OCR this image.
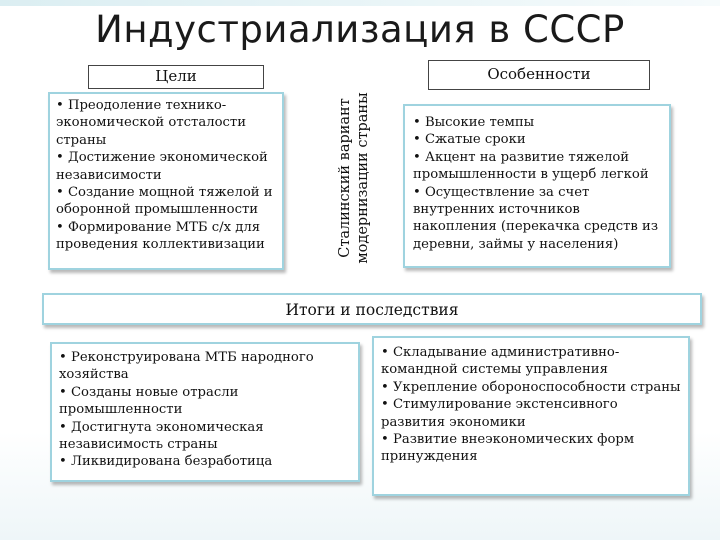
Индустриализация в СССР
Цели
• Преодоление технико-экономической отсталости страны
• Достижение экономической независимости
• Создание мощной тяжелой и оборонной промышленности
• Формирование МТБ с/х для проведения коллективизации	Сталинский вариант модернизации страны
Особенности
• Высокие темпы
• Сжатые сроки
• Акцент на развитие тяжелой промышленности в ущерб легкой
• Осуществление за счет внутренних источников накопления (перекачка средств из деревни, займы у населения)
Итоги и последствия
• Реконструирована МТБ народного хозяйства
• Созданы новые отрасли промышленности
• Достигнута экономическая независимость страны
• Ликвидирована безработица
• Складывание административно-командной системы управления
• Укрепление обороноспособности страны
• Стимулирование экстенсивного развития экономики
• Развитие внеэкономических форм принуждения
